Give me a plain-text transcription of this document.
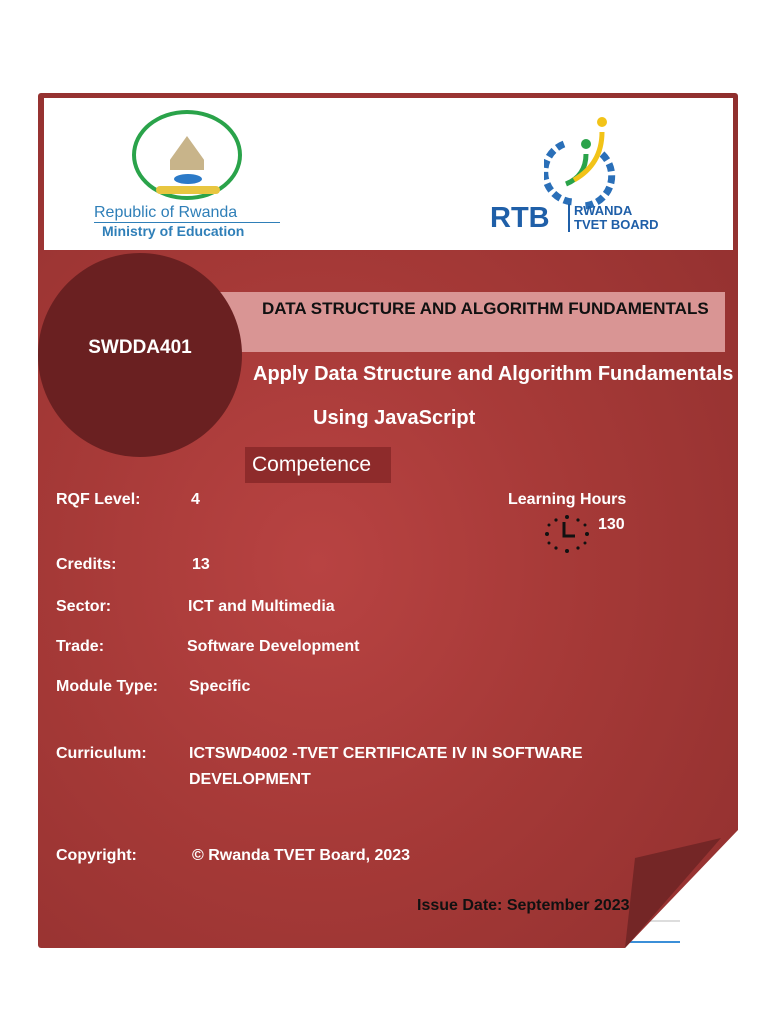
Republic of Rwanda
Ministry of Education	RTB RWANDA
TVET BOARD
DATA STRUCTURE AND ALGORITHM FUNDAMENTALS
SWDDA401
Apply Data Structure and Algorithm Fundamentals
Using JavaScript
Competence
RQF Level:	4	Learning Hours
130
Credits:	13
Sector:	ICT and Multimedia
Trade:	Software Development
Module Type: Specific
Curriculum:	ICTSWD4002 -TVET CERTIFICATE IV IN SOFTWARE
DEVELOPMENT
Copyright:	© Rwanda TVET Board, 2023
Issue Date: September 2023
